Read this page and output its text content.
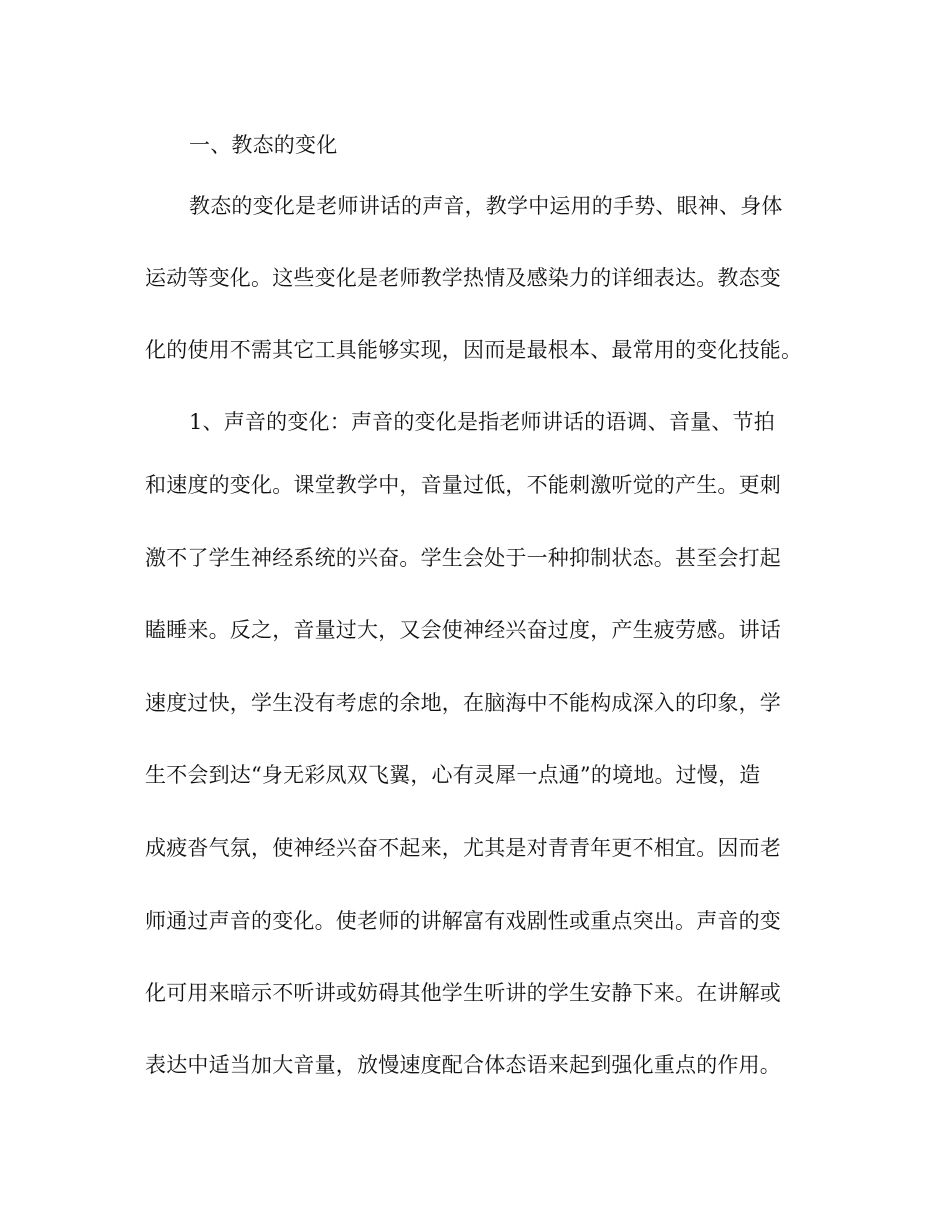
一、教态的变化
教态的变化是老师讲话的声音，教学中运用的手势、眼神、身体
运动等变化。这些变化是老师教学热情及感染力的详细表达。教态变
化的使用不需其它工具能够实现，因而是最根本、最常用的变化技能。
1、声音的变化：声音的变化是指老师讲话的语调、音量、节拍
和速度的变化。课堂教学中，音量过低，不能刺激听觉的产生。更刺
激不了学生神经系统的兴奋。学生会处于一种抑制状态。甚至会打起
瞌睡来。反之，音量过大，又会使神经兴奋过度，产生疲劳感。讲话
速度过快，学生没有考虑的余地，在脑海中不能构成深入的印象，学
生不会到达“身无彩凤双飞翼，心有灵犀一点通”的境地。过慢，造
成疲沓气氛，使神经兴奋不起来，尤其是对青青年更不相宜。因而老
师通过声音的变化。使老师的讲解富有戏剧性或重点突出。声音的变
化可用来暗示不听讲或妨碍其他学生听讲的学生安静下来。在讲解或
表达中适当加大音量，放慢速度配合体态语来起到强化重点的作用。
